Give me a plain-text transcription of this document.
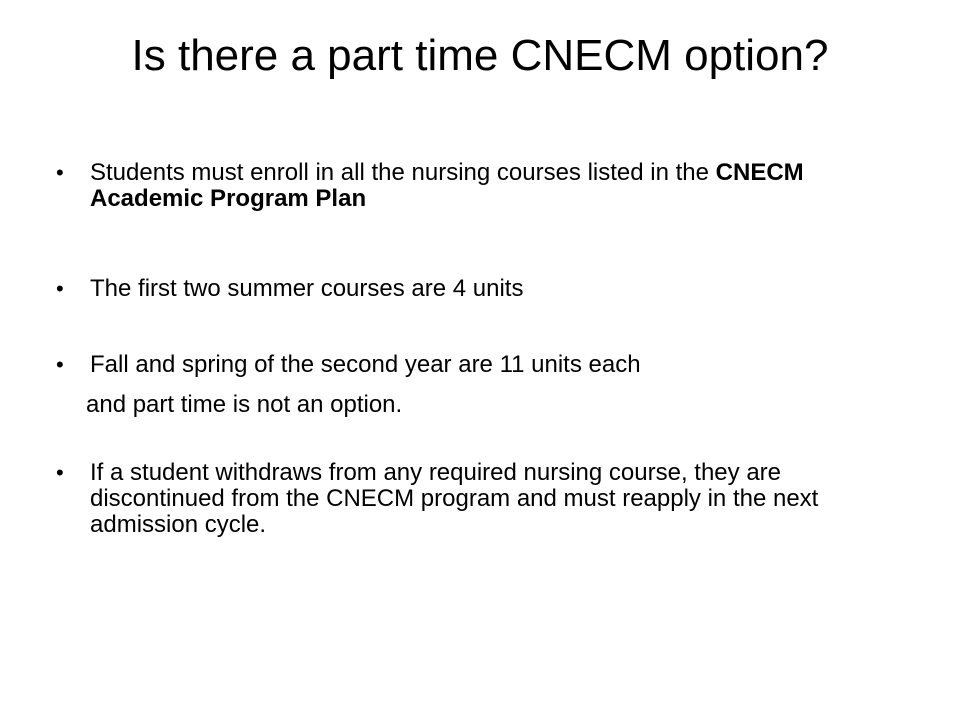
Is there a part time CNECM option?
• Students must enroll in all the nursing courses listed in the CNECM Academic Program Plan
• The first two summer courses are 4 units
• Fall and spring of the second year are 11 units each
and part time is not an option.
• If a student withdraws from any required nursing course, they are discontinued from the CNECM program and must reapply in the next admission cycle.
